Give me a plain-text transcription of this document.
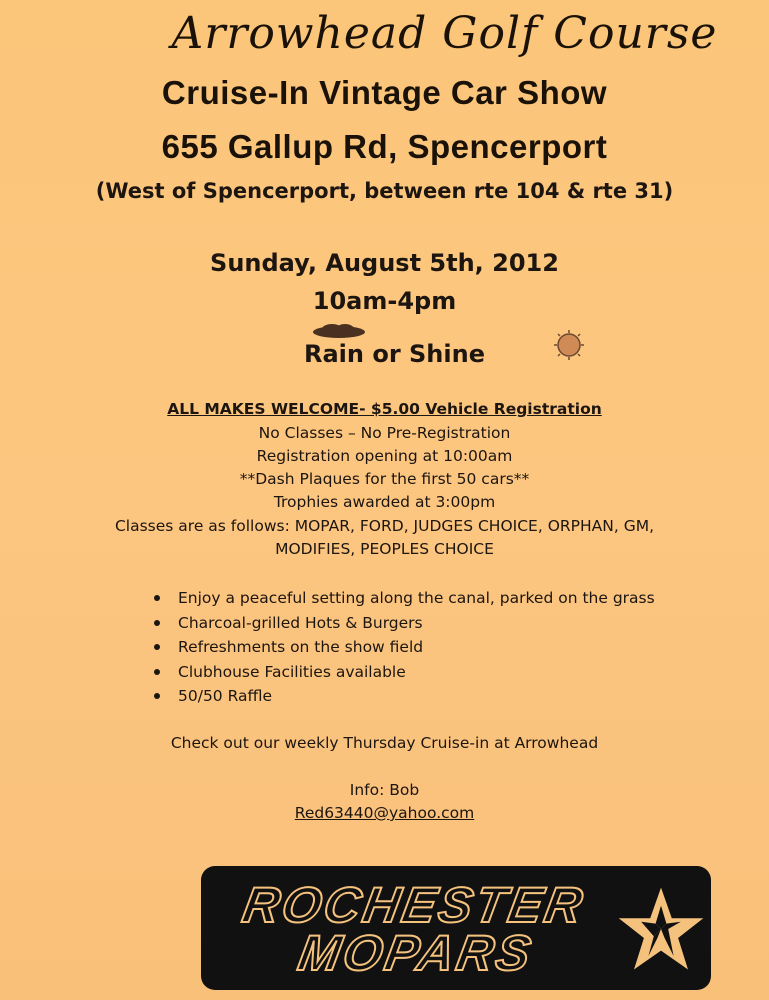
Arrowhead Golf Course
Cruise-In Vintage Car Show
655 Gallup Rd, Spencerport
(West of Spencerport, between rte 104 & rte 31)
Sunday, August 5th, 2012
10am-4pm
Rain or Shine
ALL MAKES WELCOME- $5.00 Vehicle Registration
No Classes – No Pre-Registration
Registration opening at 10:00am
**Dash Plaques for the first 50 cars**
Trophies awarded at 3:00pm
Classes are as follows: MOPAR, FORD, JUDGES CHOICE, ORPHAN, GM,
MODIFIES, PEOPLES CHOICE
Enjoy a peaceful setting along the canal, parked on the grass
Charcoal-grilled Hots & Burgers
Refreshments on the show field
Clubhouse Facilities available
50/50 Raffle
Check out our weekly Thursday Cruise-in at Arrowhead
Info: Bob
Red63440@yahoo.com
ROCHESTER
MOPARS
